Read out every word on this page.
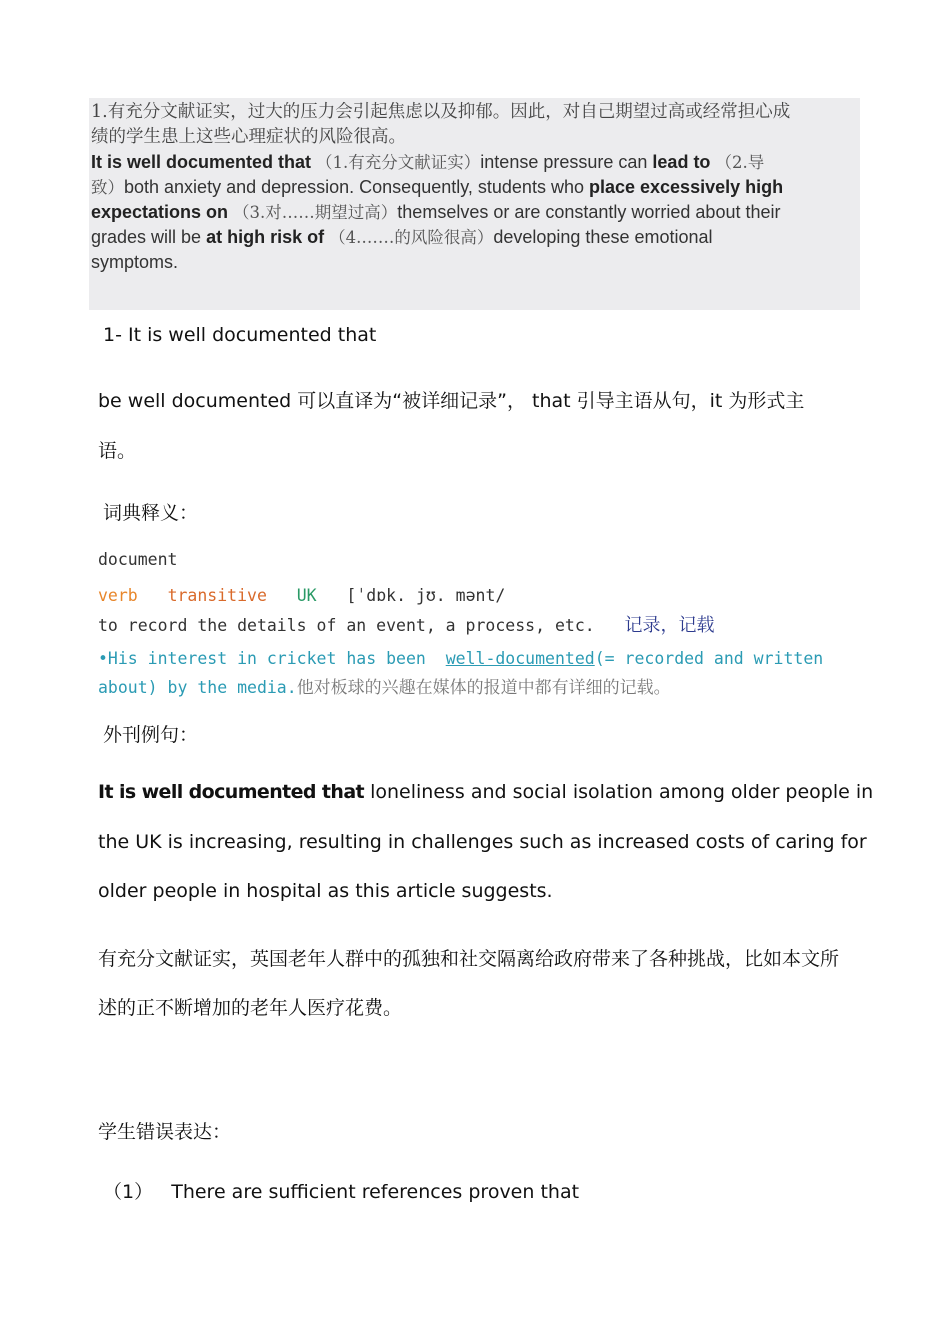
1.有充分文献证实，过大的压力会引起焦虑以及抑郁。因此，对自己期望过高或经常担心成
绩的学生患上这些心理症状的风险很高。
It is well documented that （1.有充分文献证实）intense pressure can lead to （2.导
致）both anxiety and depression. Consequently, students who place excessively high
expectations on （3.对……期望过高）themselves or are constantly worried about their
grades will be at high risk of （4.……的风险很高）developing these emotional
symptoms.
1- It is well documented that
be well documented 可以直译为“被详细记录”， that 引导主语从句，it 为形式主
语。
词典释义：
document
verb transitive UK [ˈdɒk. jʊ. mənt/
to record the details of an event, a process, etc. 记录，记载
•His interest in cricket has been well-documented(= recorded and written
about) by the media.他对板球的兴趣在媒体的报道中都有详细的记载。
外刊例句：
It is well documented that loneliness and social isolation among older people in
the UK is increasing, resulting in challenges such as increased costs of caring for
older people in hospital as this article suggests.
有充分文献证实，英国老年人群中的孤独和社交隔离给政府带来了各种挑战，比如本文所
述的正不断增加的老年人医疗花费。
学生错误表达：
（1） There are sufficient references proven that
